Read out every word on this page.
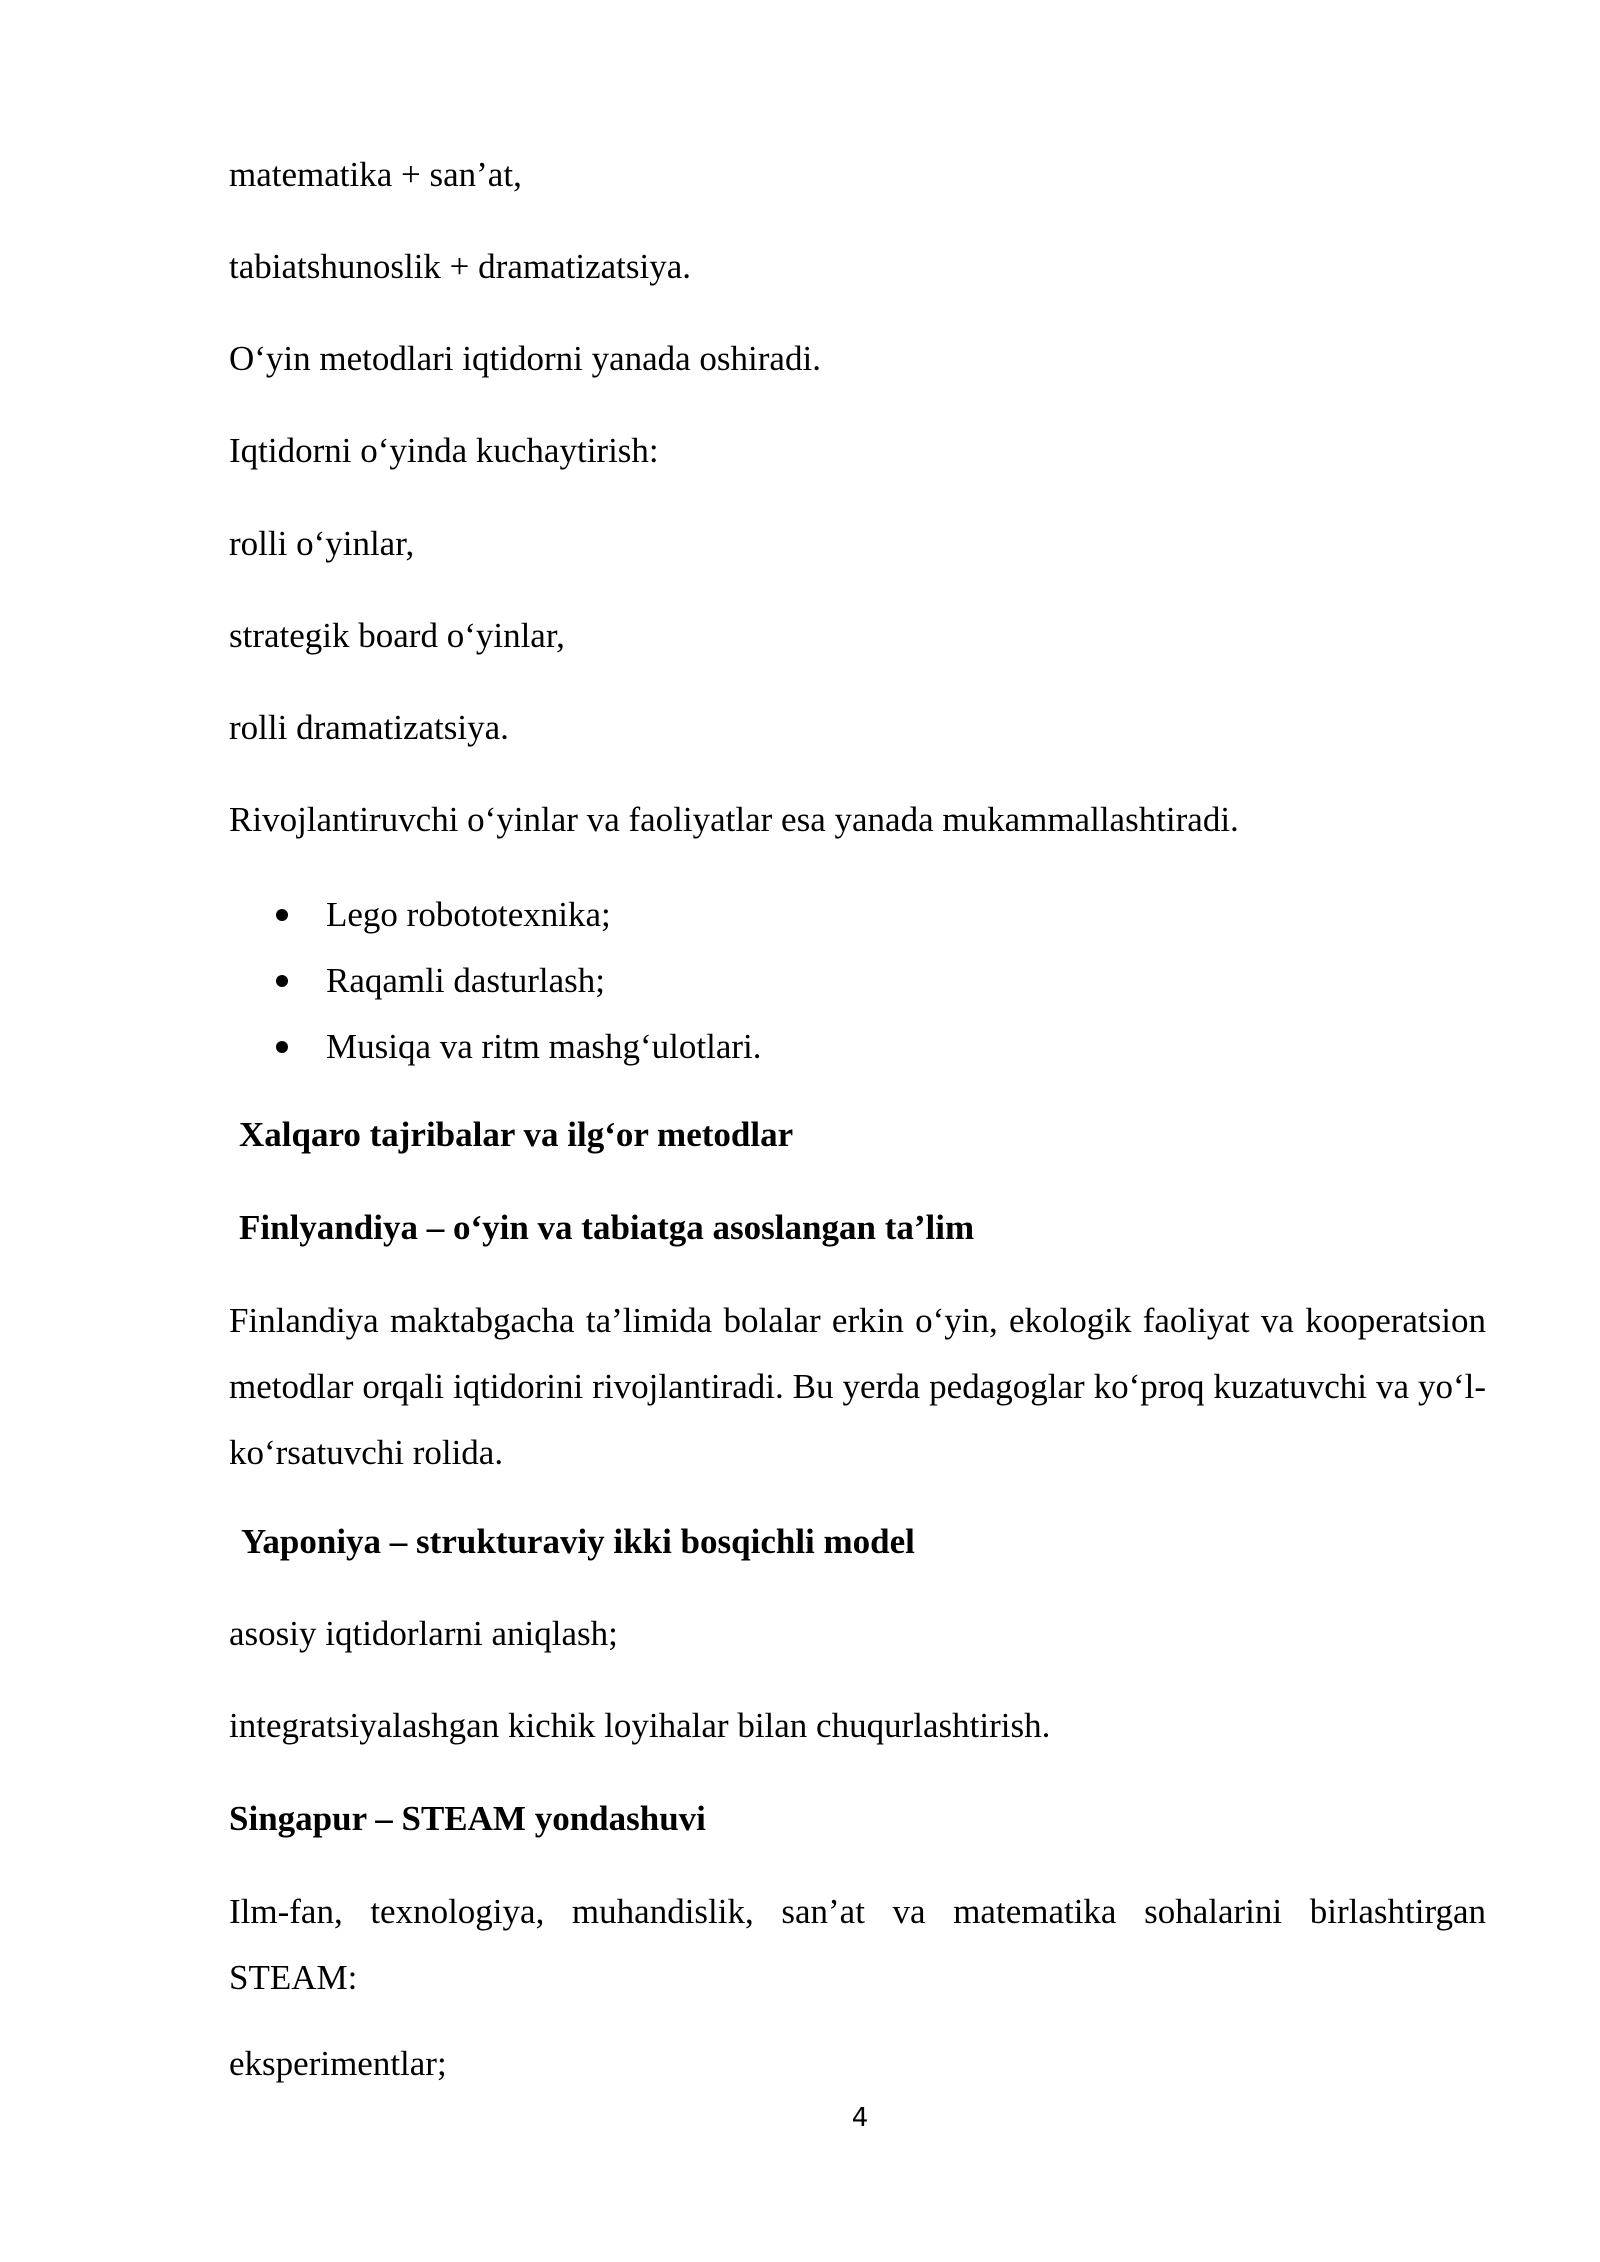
matematika + san’at,
tabiatshunoslik + dramatizatsiya.
O‘yin metodlari iqtidorni yanada oshiradi.
Iqtidorni o‘yinda kuchaytirish:
rolli o‘yinlar,
strategik board o‘yinlar,
rolli dramatizatsiya.
Rivojlantiruvchi o‘yinlar va faoliyatlar esa yanada mukammallashtiradi.
Lego robototexnika;
Raqamli dasturlash;
Musiqa va ritm mashg‘ulotlari.
Xalqaro tajribalar va ilg‘or metodlar
Finlyandiya – o‘yin va tabiatga asoslangan ta’lim
Finlandiya maktabgacha ta’limida bolalar erkin o‘yin, ekologik faoliyat va kooperatsion metodlar orqali iqtidorini rivojlantiradi. Bu yerda pedagoglar ko‘proq kuzatuvchi va yo‘l-ko‘rsatuvchi rolida.
Yaponiya – strukturaviy ikki bosqichli model
asosiy iqtidorlarni aniqlash;
integratsiyalashgan kichik loyihalar bilan chuqurlashtirish.
Singapur – STEAM yondashuvi
Ilm-fan, texnologiya, muhandislik, san’at va matematika sohalarini birlashtirgan STEAM:
eksperimentlar;
4
